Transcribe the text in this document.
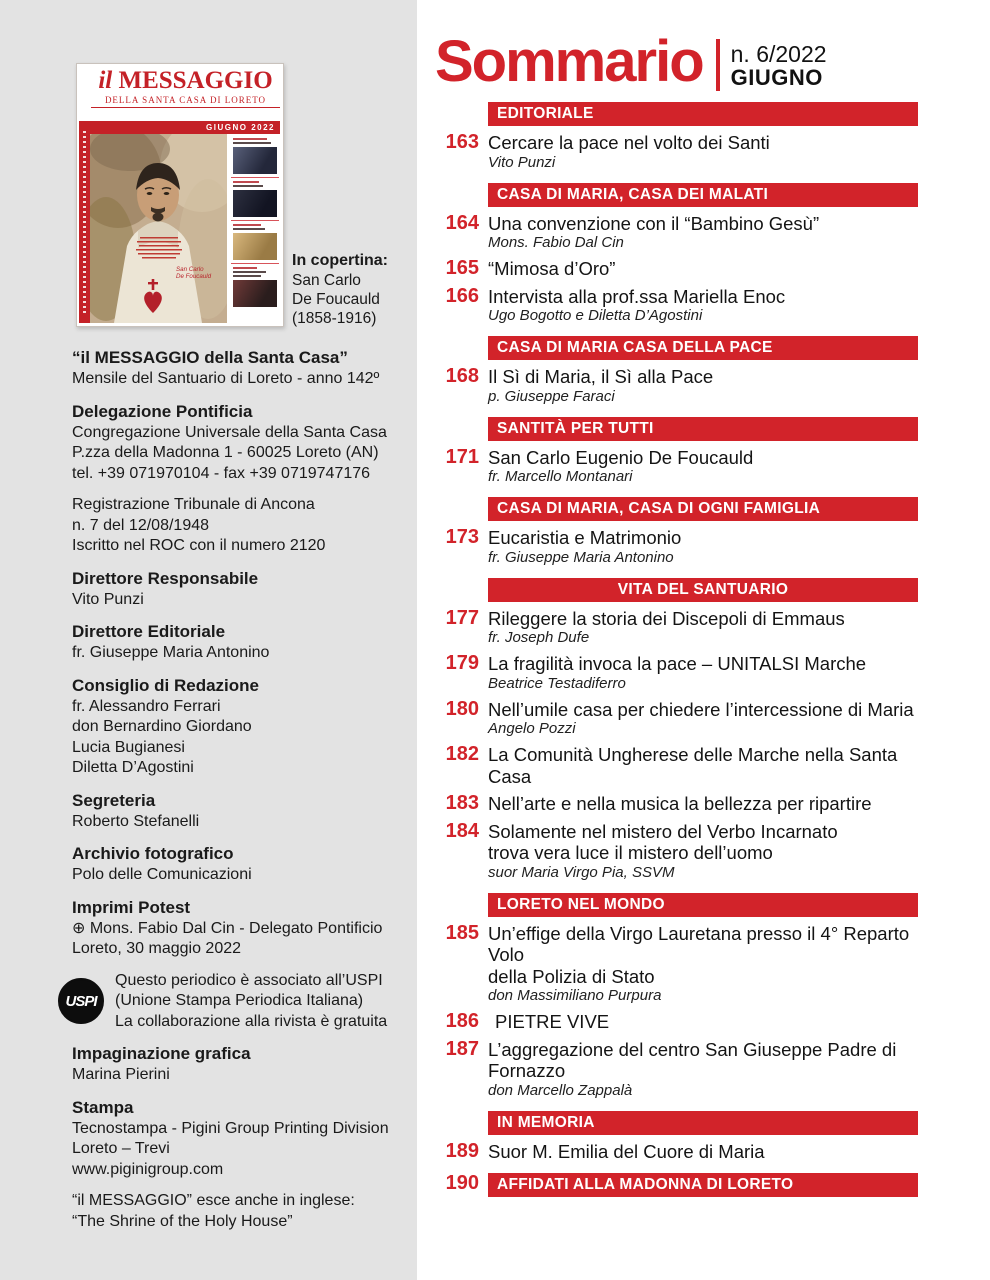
il MESSAGGIO
DELLA SANTA CASA DI LORETO
GIUGNO 2022
San Carlo
De Foucauld
In copertina:
San Carlo
De Foucauld
(1858-1916)
“il MESSAGGIO della Santa Casa”
Mensile del Santuario di Loreto - anno 142º
Delegazione Pontificia
Congregazione Universale della Santa Casa
P.zza della Madonna 1 - 60025 Loreto (AN)
tel. +39 071970104 - fax +39 0719747176
Registrazione Tribunale di Ancona
n. 7 del 12/08/1948
Iscritto nel ROC con il numero 2120
Direttore Responsabile
Vito Punzi
Direttore Editoriale
fr. Giuseppe Maria Antonino
Consiglio di Redazione
fr. Alessandro Ferrari
don Bernardino Giordano
Lucia Bugianesi
Diletta D’Agostini
Segreteria
Roberto Stefanelli
Archivio fotografico
Polo delle Comunicazioni
Imprimi Potest
⊕ Mons. Fabio Dal Cin - Delegato Pontificio
Loreto, 30 maggio 2022
USPI
Questo periodico è associato all’USPI
(Unione Stampa Periodica Italiana)
La collaborazione alla rivista è gratuita
Impaginazione grafica
Marina Pierini
Stampa
Tecnostampa - Pigini Group Printing Division
Loreto – Trevi
www.piginigroup.com
“il MESSAGGIO” esce anche in inglese:
“The Shrine of the Holy House”
Sommario n. 6/2022
GIUGNO
EDITORIALE
163 Cercare la pace nel volto dei Santi
Vito Punzi
CASA DI MARIA, CASA DEI MALATI
164 Una convenzione con il “Bambino Gesù”
Mons. Fabio Dal Cin
165 “Mimosa d’Oro”
166 Intervista alla prof.ssa Mariella Enoc
Ugo Bogotto e Diletta D’Agostini
CASA DI MARIA CASA DELLA PACE
168 Il Sì di Maria, il Sì alla Pace
p. Giuseppe Faraci
SANTITÀ PER TUTTI
171 San Carlo Eugenio De Foucauld
fr. Marcello Montanari
CASA DI MARIA, CASA DI OGNI FAMIGLIA
173 Eucaristia e Matrimonio
fr. Giuseppe Maria Antonino
VITA DEL SANTUARIO
177 Rileggere la storia dei Discepoli di Emmaus
fr. Joseph Dufe
179 La fragilità invoca la pace – UNITALSI Marche
Beatrice Testadiferro
180 Nell’umile casa per chiedere l’intercessione di Maria
Angelo Pozzi
182 La Comunità Ungherese delle Marche nella Santa Casa
183 Nell’arte e nella musica la bellezza per ripartire
184 Solamente nel mistero del Verbo Incarnato
trova vera luce il mistero dell’uomo
suor Maria Virgo Pia, SSVM
LORETO NEL MONDO
185 Un’effige della Virgo Lauretana presso il 4° Reparto Volo
della Polizia di Stato
don Massimiliano Purpura
186 PIETRE VIVE
187 L’aggregazione del centro San Giuseppe Padre di Fornazzo
don Marcello Zappalà
IN MEMORIA
189 Suor M. Emilia del Cuore di Maria
190	AFFIDATI ALLA MADONNA DI LORETO
